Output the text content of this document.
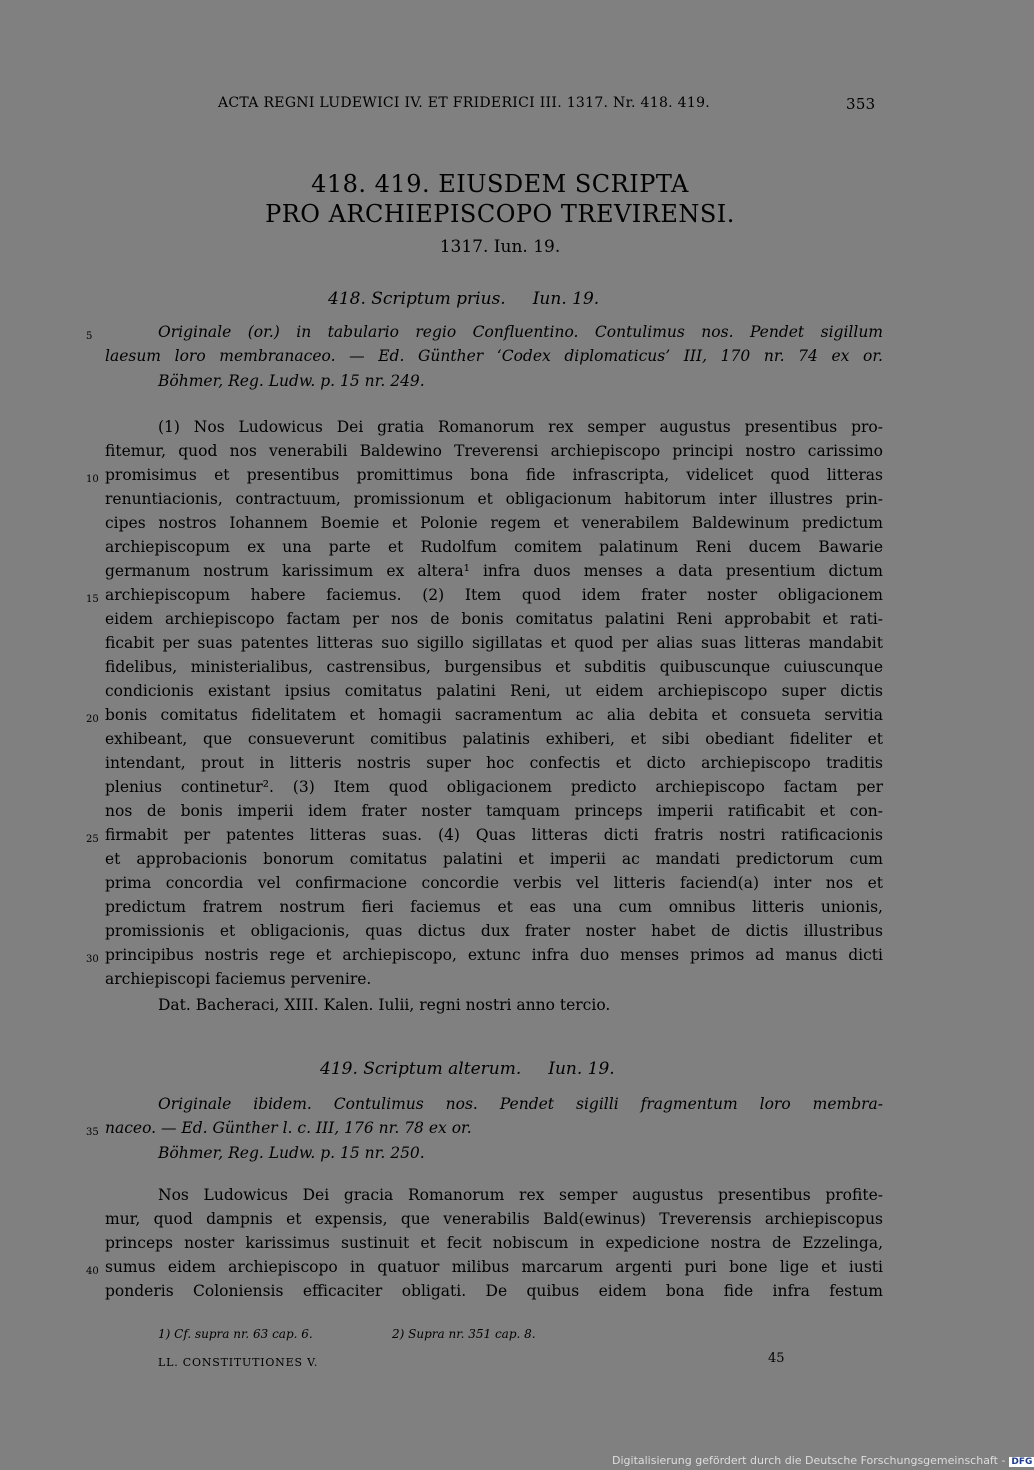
ACTA REGNI LUDEWICI IV. ET FRIDERICI III. 1317. Nr. 418. 419.	353
418. 419. EIUSDEM SCRIPTA
PRO ARCHIEPISCOPO TREVIRENSI.
1317. Iun. 19.
418. Scriptum prius.     Iun. 19.
Originale (or.) in tabulario regio Confluentino. Contulimus nos. Pendet sigillum
laesum loro membranaceo. — Ed. Günther ‘Codex diplomaticus’ III, 170 nr. 74 ex or.
Böhmer, Reg. Ludw. p. 15 nr. 249.
(1) Nos Ludowicus Dei gratia Romanorum rex semper augustus presentibus pro-
fitemur, quod nos venerabili Baldewino Treverensi archiepiscopo principi nostro carissimo
promisimus et presentibus promittimus bona fide infrascripta, videlicet quod litteras
renuntiacionis, contractuum, promissionum et obligacionum habitorum inter illustres prin-
cipes nostros Iohannem Boemie et Polonie regem et venerabilem Baldewinum predictum
archiepiscopum ex una parte et Rudolfum comitem palatinum Reni ducem Bawarie
germanum nostrum karissimum ex altera¹ infra duos menses a data presentium dictum
archiepiscopum habere faciemus. (2) Item quod idem frater noster obligacionem
eidem archiepiscopo factam per nos de bonis comitatus palatini Reni approbabit et rati-
ficabit per suas patentes litteras suo sigillo sigillatas et quod per alias suas litteras mandabit
fidelibus, ministerialibus, castrensibus, burgensibus et subditis quibuscunque cuiuscunque
condicionis existant ipsius comitatus palatini Reni, ut eidem archiepiscopo super dictis
bonis comitatus fidelitatem et homagii sacramentum ac alia debita et consueta servitia
exhibeant, que consueverunt comitibus palatinis exhiberi, et sibi obediant fideliter et
intendant, prout in litteris nostris super hoc confectis et dicto archiepiscopo traditis
plenius continetur². (3) Item quod obligacionem predicto archiepiscopo factam per
nos de bonis imperii idem frater noster tamquam princeps imperii ratificabit et con-
firmabit per patentes litteras suas. (4) Quas litteras dicti fratris nostri ratificacionis
et approbacionis bonorum comitatus palatini et imperii ac mandati predictorum cum
prima concordia vel confirmacione concordie verbis vel litteris faciend(a) inter nos et
predictum fratrem nostrum fieri faciemus et eas una cum omnibus litteris unionis,
promissionis et obligacionis, quas dictus dux frater noster habet de dictis illustribus
principibus nostris rege et archiepiscopo, extunc infra duo menses primos ad manus dicti
archiepiscopi faciemus pervenire.
Dat. Bacheraci, XIII. Kalen. Iulii, regni nostri anno tercio.
419. Scriptum alterum.     Iun. 19.
Originale ibidem. Contulimus nos. Pendet sigilli fragmentum loro membra-
naceo. — Ed. Günther l. c. III, 176 nr. 78 ex or.
Böhmer, Reg. Ludw. p. 15 nr. 250.
Nos Ludowicus Dei gracia Romanorum rex semper augustus presentibus profite-
mur, quod dampnis et expensis, que venerabilis Bald(ewinus) Treverensis archiepiscopus
princeps noster karissimus sustinuit et fecit nobiscum in expedicione nostra de Ezzelinga,
sumus eidem archiepiscopo in quatuor milibus marcarum argenti puri bone lige et iusti
ponderis Coloniensis efficaciter obligati. De quibus eidem bona fide infra festum
5
10
15
20
25
30
35
40
1) Cf. supra nr. 63 cap. 6.	2) Supra nr. 351 cap. 8.
LL. CONSTITUTIONES V.	45
Digitalisierung gefördert durch die Deutsche Forschungsgemeinschaft - DFG
